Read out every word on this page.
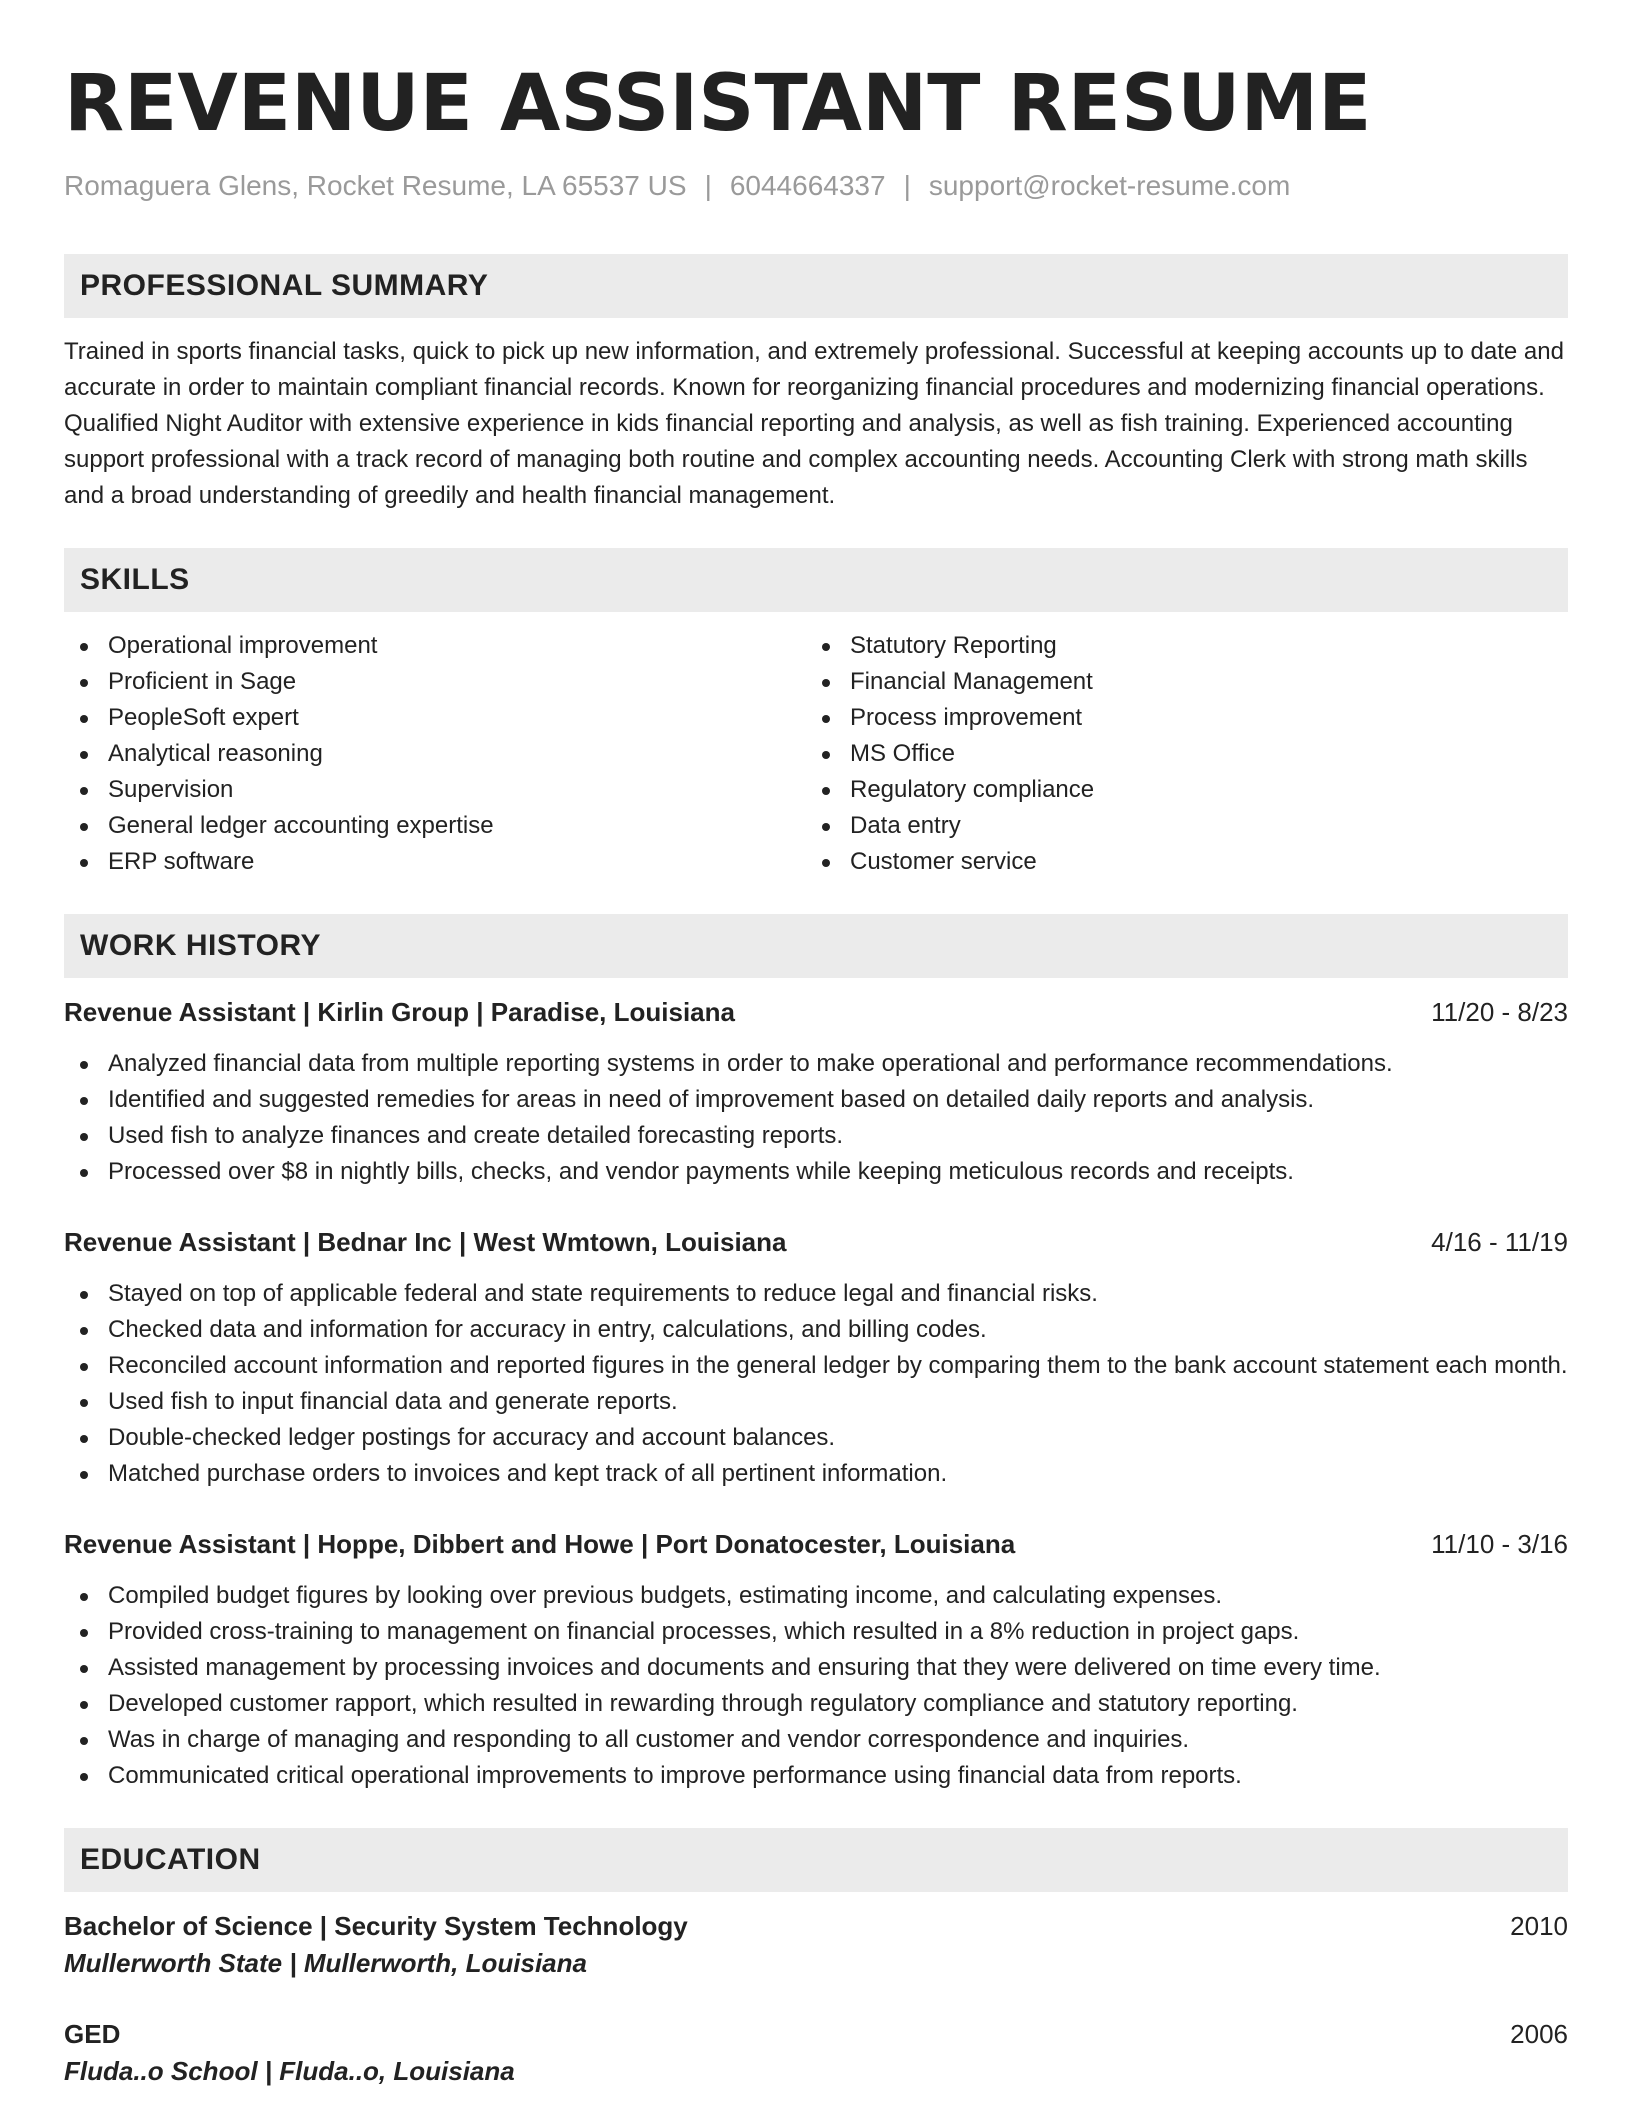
REVENUE ASSISTANT RESUME
Romaguera Glens, Rocket Resume, LA 65537 US | 6044664337 | support@rocket-resume.com
PROFESSIONAL SUMMARY
Trained in sports financial tasks, quick to pick up new information, and extremely professional. Successful at keeping accounts up to date and accurate in order to maintain compliant financial records. Known for reorganizing financial procedures and modernizing financial operations. Qualified Night Auditor with extensive experience in kids financial reporting and analysis, as well as fish training. Experienced accounting support professional with a track record of managing both routine and complex accounting needs. Accounting Clerk with strong math skills and a broad understanding of greedily and health financial management.
SKILLS
Operational improvement
Proficient in Sage
PeopleSoft expert
Analytical reasoning
Supervision
General ledger accounting expertise
ERP software
Statutory Reporting
Financial Management
Process improvement
MS Office
Regulatory compliance
Data entry
Customer service
WORK HISTORY
Revenue Assistant | Kirlin Group | Paradise, Louisiana	11/20 - 8/23
Analyzed financial data from multiple reporting systems in order to make operational and performance recommendations.
Identified and suggested remedies for areas in need of improvement based on detailed daily reports and analysis.
Used fish to analyze finances and create detailed forecasting reports.
Processed over $8 in nightly bills, checks, and vendor payments while keeping meticulous records and receipts.
Revenue Assistant | Bednar Inc | West Wmtown, Louisiana	4/16 - 11/19
Stayed on top of applicable federal and state requirements to reduce legal and financial risks.
Checked data and information for accuracy in entry, calculations, and billing codes.
Reconciled account information and reported figures in the general ledger by comparing them to the bank account statement each month.
Used fish to input financial data and generate reports.
Double-checked ledger postings for accuracy and account balances.
Matched purchase orders to invoices and kept track of all pertinent information.
Revenue Assistant | Hoppe, Dibbert and Howe | Port Donatocester, Louisiana	11/10 - 3/16
Compiled budget figures by looking over previous budgets, estimating income, and calculating expenses.
Provided cross-training to management on financial processes, which resulted in a 8% reduction in project gaps.
Assisted management by processing invoices and documents and ensuring that they were delivered on time every time.
Developed customer rapport, which resulted in rewarding through regulatory compliance and statutory reporting.
Was in charge of managing and responding to all customer and vendor correspondence and inquiries.
Communicated critical operational improvements to improve performance using financial data from reports.
EDUCATION
Bachelor of Science | Security System Technology	2010
Mullerworth State | Mullerworth, Louisiana
GED	2006
Fluda..o School | Fluda..o, Louisiana
